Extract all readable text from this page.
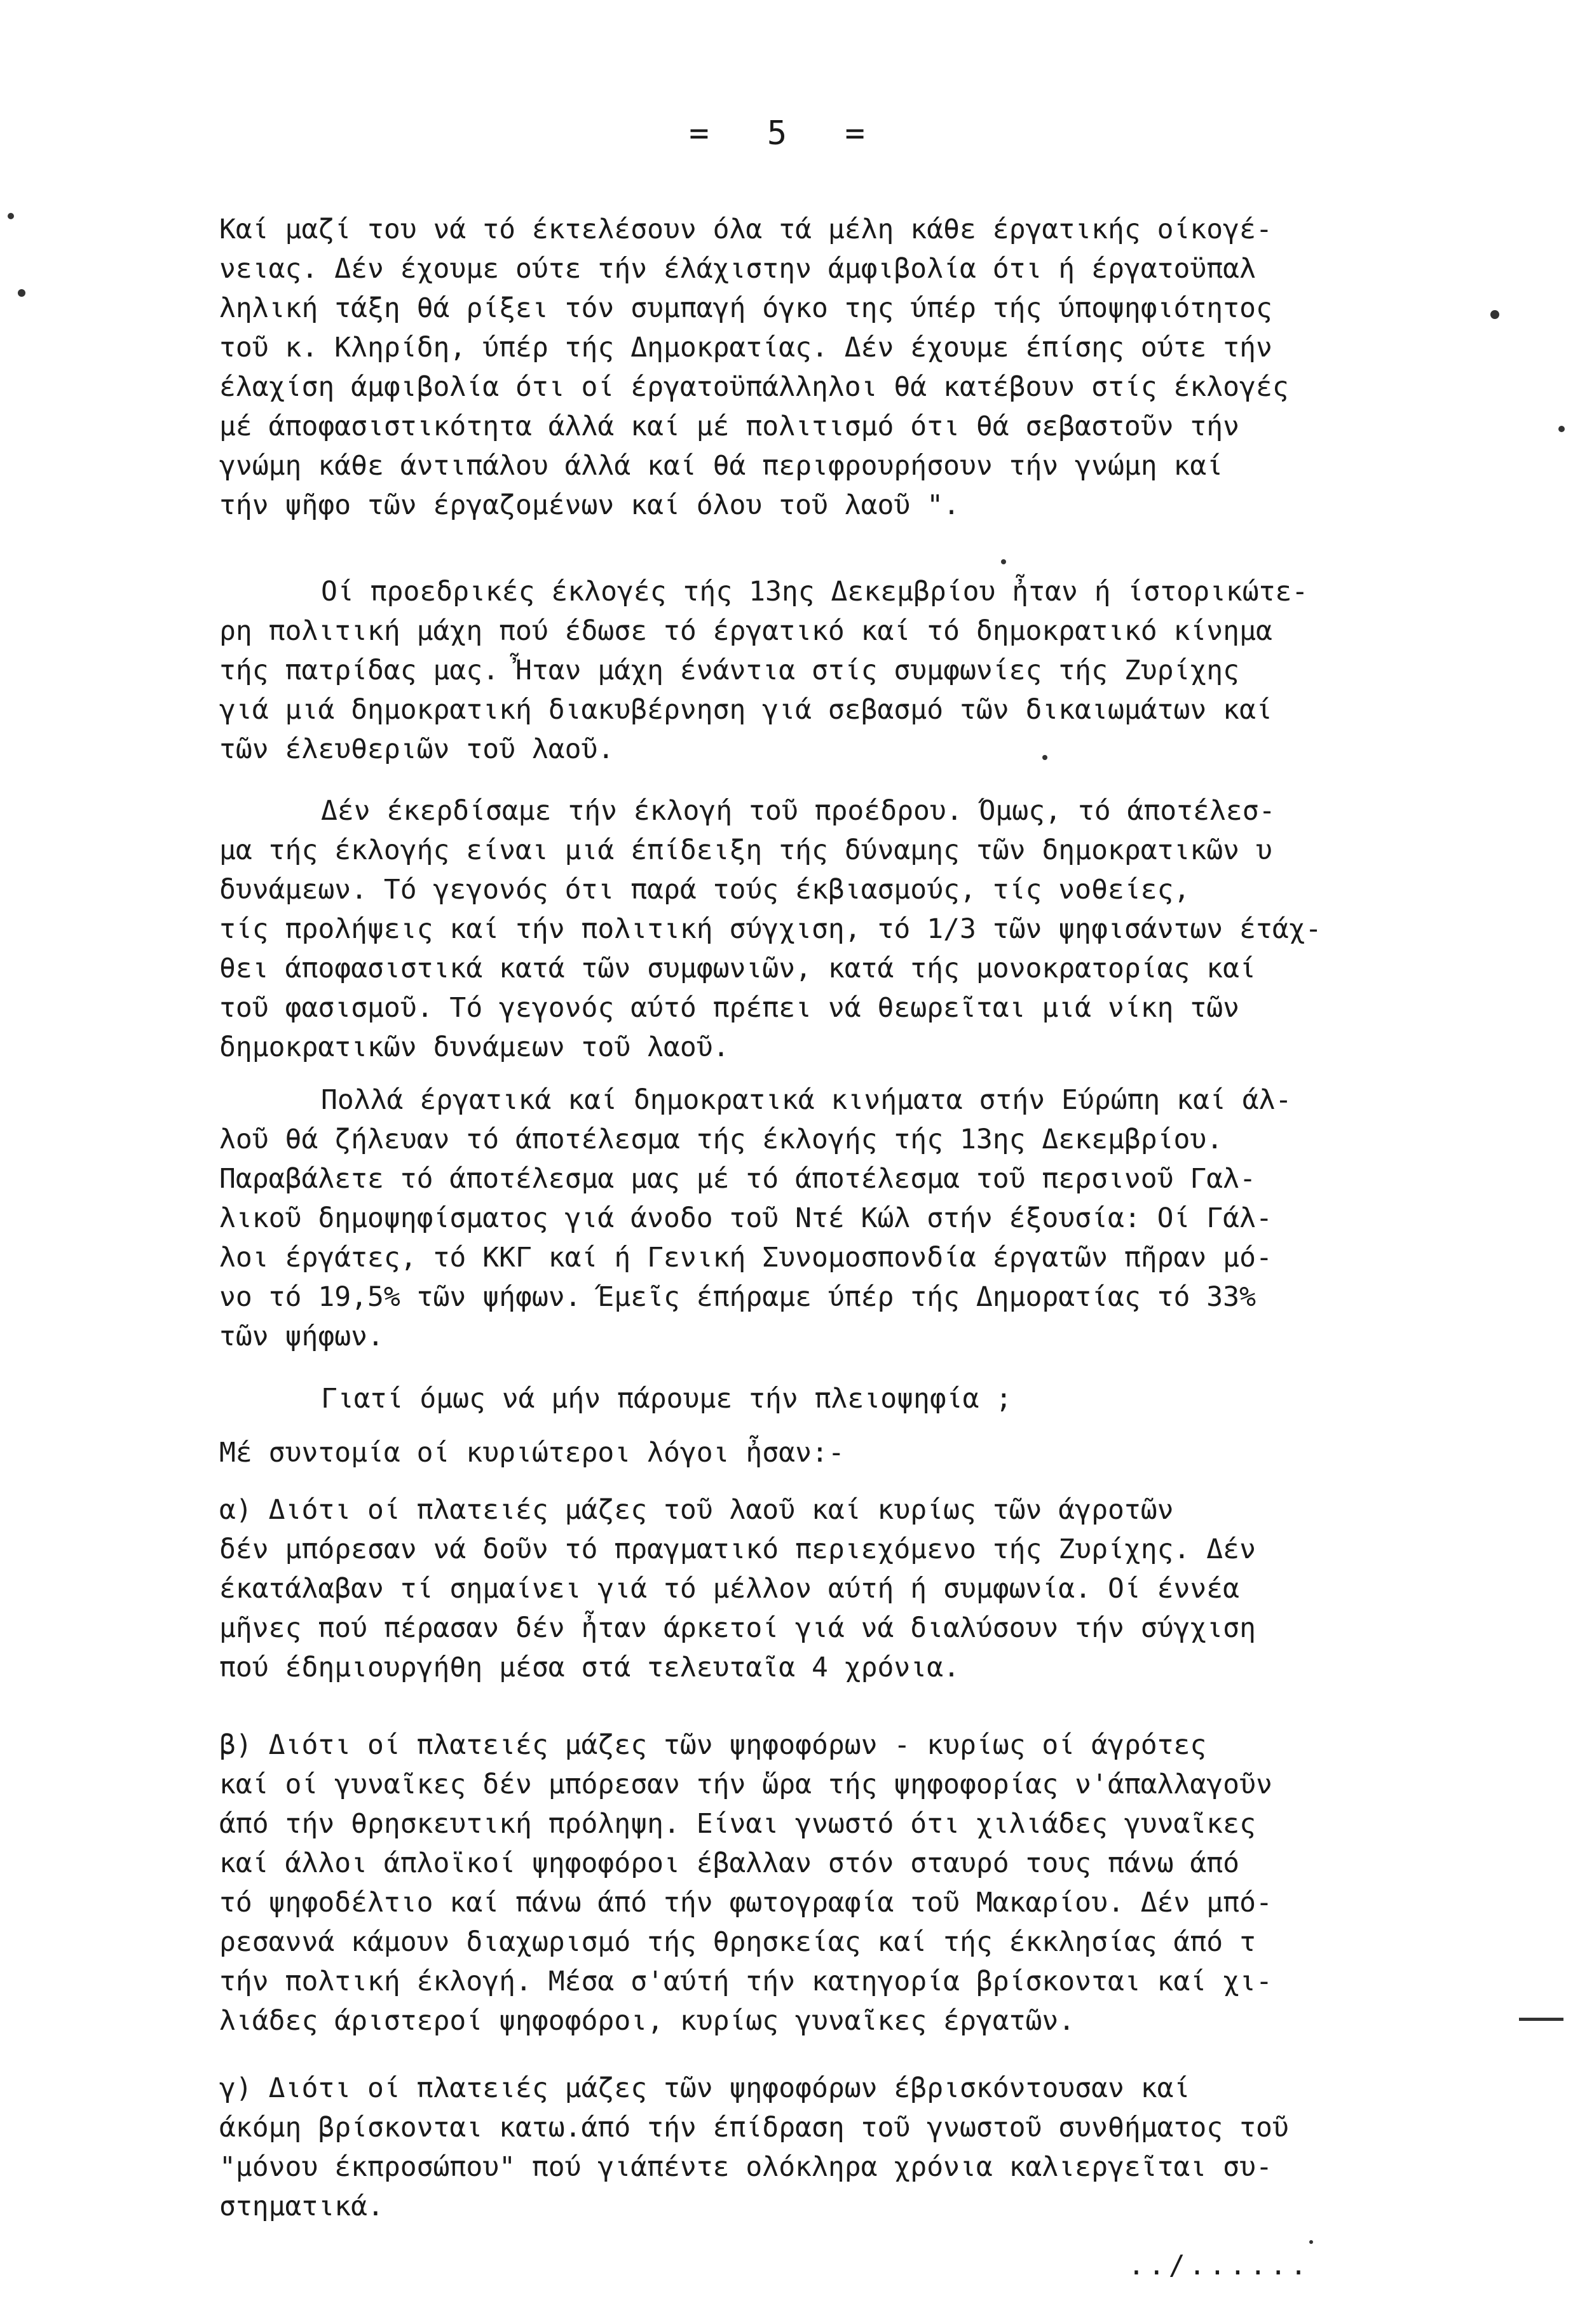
= 5 =

Καί μαζί του νά τό έκτελέσουν όλα τά μέλη κάθε έργατικής οίκογέ-
νειας. Δέν έχουμε ούτε τήν έλάχιστην άμφιβολία ότι ή έργατοϋπαλ
ληλική τάξη θά ρίξει τόν συμπαγή όγκο της ύπέρ τής ύποψηφιότητος
τοῦ κ. Κληρίδη, ύπέρ τής Δημοκρατίας. Δέν έχουμε έπίσης ούτε τήν
έλαχίση άμφιβολία ότι οί έργατοϋπάλληλοι θά κατέβουν στίς έκλογές
μέ άποφασιστικότητα άλλά καί μέ πολιτισμό ότι θά σεβαστοῦν τήν
γνώμη κάθε άντιπάλου άλλά καί θά περιφρουρήσουν τήν γνώμη καί
τήν ψῆφο τῶν έργαζομένων καί όλου τοῦ λαοῦ ".

Οί προεδρικές έκλογές τής 13ης Δεκεμβρίου ἦταν ή ίστορικώτε-
ρη πολιτική μάχη πού έδωσε τό έργατικό καί τό δημοκρατικό κίνημα
τής πατρίδας μας. Ἦταν μάχη ένάντια στίς συμφωνίες τής Ζυρίχης
γιά μιά δημοκρατική διακυβέρνηση γιά σεβασμό τῶν δικαιωμάτων καί
τῶν έλευθεριῶν τοῦ λαοῦ.

Δέν έκερδίσαμε τήν έκλογή τοῦ προέδρου. Όμως, τό άποτέλεσ-
μα τής έκλογής είναι μιά έπίδειξη τής δύναμης τῶν δημοκρατικῶν υ
δυνάμεων. Τό γεγονός ότι παρά τούς έκβιασμούς, τίς νοθείες,
τίς προλήψεις καί τήν πολιτική σύγχιση, τό 1/3 τῶν ψηφισάντων έτάχ-
θει άποφασιστικά κατά τῶν συμφωνιῶν, κατά τής μονοκρατορίας καί
τοῦ φασισμοῦ. Τό γεγονός αύτό πρέπει νά θεωρεῖται μιά νίκη τῶν
δημοκρατικῶν δυνάμεων τοῦ λαοῦ.

Πολλά έργατικά καί δημοκρατικά κινήματα στήν Εύρώπη καί άλ-
λοῦ θά ζήλευαν τό άποτέλεσμα τής έκλογής τής 13ης Δεκεμβρίου.
Παραβάλετε τό άποτέλεσμα μας μέ τό άποτέλεσμα τοῦ περσινοῦ Γαλ-
λικοῦ δημοψηφίσματος γιά άνοδο τοῦ Ντέ Κώλ στήν έξουσία: Οί Γάλ-
λοι έργάτες, τό ΚΚΓ καί ή Γενική Συνομοσπονδία έργατῶν πῆραν μό-
νο τό 19,5% τῶν ψήφων. Έμεῖς έπήραμε ύπέρ τής Δημορατίας τό 33%
τῶν ψήφων.

Γιατί όμως νά μήν πάρουμε τήν πλειοψηφία ;

Μέ συντομία οί κυριώτεροι λόγοι ἦσαν:-

α) Διότι οί πλατειές μάζες τοῦ λαοῦ καί κυρίως τῶν άγροτῶν
δέν μπόρεσαν νά δοῦν τό πραγματικό περιεχόμενο τής Ζυρίχης. Δέν
έκατάλαβαν τί σημαίνει γιά τό μέλλον αύτή ή συμφωνία. Οί έννέα
μῆνες πού πέρασαν δέν ἦταν άρκετοί γιά νά διαλύσουν τήν σύγχιση
πού έδημιουργήθη μέσα στά τελευταῖα 4 χρόνια.

β) Διότι οί πλατειές μάζες τῶν ψηφοφόρων - κυρίως οί άγρότες
καί οί γυναῖκες δέν μπόρεσαν τήν ὥρα τής ψηφοφορίας ν'άπαλλαγοῦν
άπό τήν θρησκευτική πρόληψη. Είναι γνωστό ότι χιλιάδες γυναῖκες
καί άλλοι άπλοϊκοί ψηφοφόροι έβαλλαν στόν σταυρό τους πάνω άπό
τό ψηφοδέλτιο καί πάνω άπό τήν φωτογραφία τοῦ Μακαρίου. Δέν μπό-
ρεσαννά κάμουν διαχωρισμό τής θρησκείας καί τής έκκλησίας άπό τ
τήν πολτική έκλογή. Μέσα σ'αύτή τήν κατηγορία βρίσκονται καί χι-
λιάδες άριστεροί ψηφοφόροι, κυρίως γυναῖκες έργατῶν.

γ) Διότι οί πλατειές μάζες τῶν ψηφοφόρων έβρισκόντουσαν καί
άκόμη βρίσκονται κατω.άπό τήν έπίδραση τοῦ γνωστοῦ συνθήματος τοῦ
"μόνου έκπροσώπου" πού γιάπέντε ολόκληρα χρόνια καλιεργεῖται συ-
στηματικά.

../......
